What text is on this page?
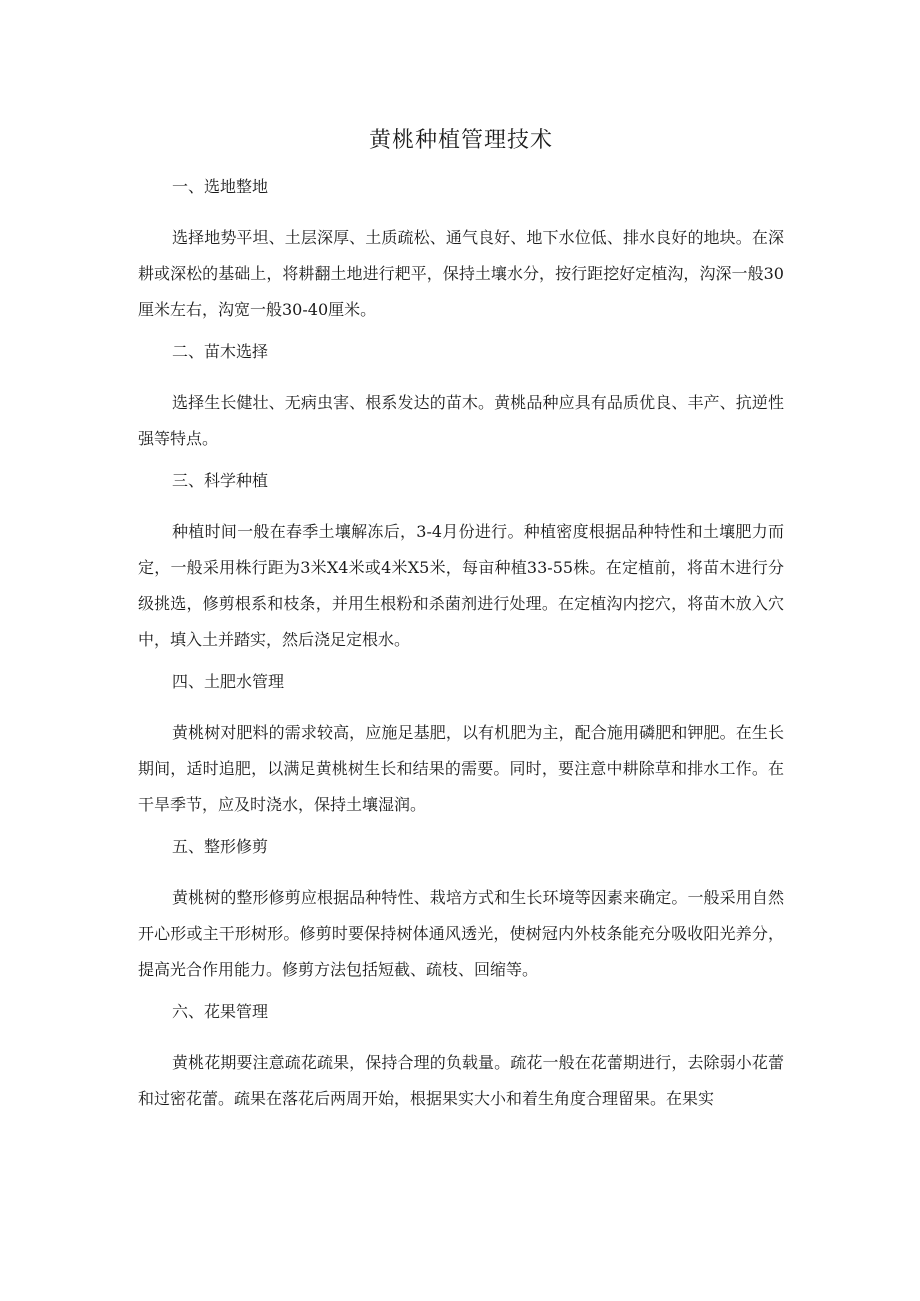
黄桃种植管理技术
一、选地整地

选择地势平坦、土层深厚、土质疏松、通气良好、地下水位低、排水良好的地块。在深耕或深松的基础上，将耕翻土地进行耙平，保持土壤水分，按行距挖好定植沟，沟深一般30厘米左右，沟宽一般30-40厘米。

二、苗木选择

选择生长健壮、无病虫害、根系发达的苗木。黄桃品种应具有品质优良、丰产、抗逆性强等特点。

三、科学种植

种植时间一般在春季土壤解冻后，3-4月份进行。种植密度根据品种特性和土壤肥力而定，一般采用株行距为3米X4米或4米X5米，每亩种植33-55株。在定植前，将苗木进行分级挑选，修剪根系和枝条，并用生根粉和杀菌剂进行处理。在定植沟内挖穴，将苗木放入穴中，填入土并踏实，然后浇足定根水。

四、土肥水管理

黄桃树对肥料的需求较高，应施足基肥，以有机肥为主，配合施用磷肥和钾肥。在生长期间，适时追肥，以满足黄桃树生长和结果的需要。同时，要注意中耕除草和排水工作。在干旱季节，应及时浇水，保持土壤湿润。

五、整形修剪

黄桃树的整形修剪应根据品种特性、栽培方式和生长环境等因素来确定。一般采用自然开心形或主干形树形。修剪时要保持树体通风透光，使树冠内外枝条能充分吸收阳光养分，提高光合作用能力。修剪方法包括短截、疏枝、回缩等。

六、花果管理

黄桃花期要注意疏花疏果，保持合理的负载量。疏花一般在花蕾期进行，去除弱小花蕾和过密花蕾。疏果在落花后两周开始，根据果实大小和着生角度合理留果。在果实
